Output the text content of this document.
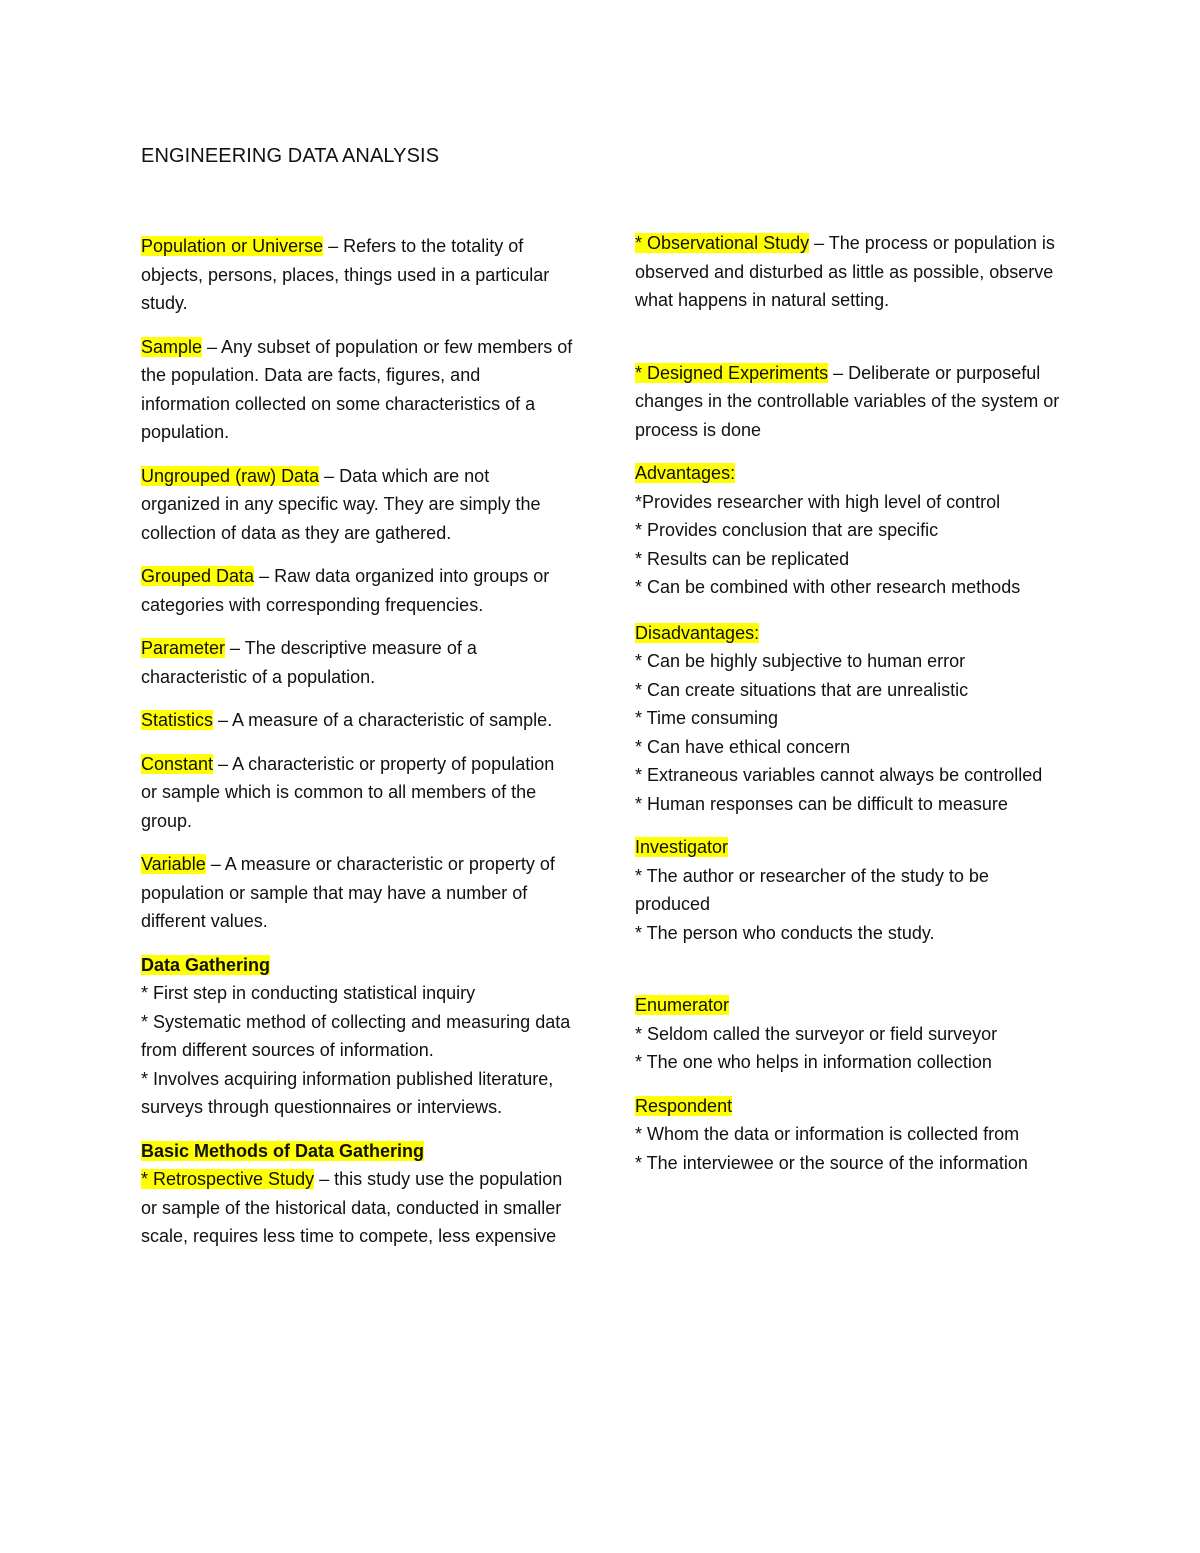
ENGINEERING DATA ANALYSIS
Population or Universe – Refers to the totality of objects, persons, places, things used in a particular study.
Sample – Any subset of population or few members of the population. Data are facts, figures, and information collected on some characteristics of a population.
Ungrouped (raw) Data – Data which are not organized in any specific way. They are simply the collection of data as they are gathered.
Grouped Data – Raw data organized into groups or categories with corresponding frequencies.
Parameter – The descriptive measure of a characteristic of a population.
Statistics – A measure of a characteristic of sample.
Constant – A characteristic or property of population or sample which is common to all members of the group.
Variable – A measure or characteristic or property of population or sample that may have a number of different values.

Data Gathering

* First step in conducting statistical inquiry

* Systematic method of collecting and measuring data from different sources of information.

* Involves acquiring information published literature, surveys through questionnaires or interviews.

Basic Methods of Data Gathering

* Retrospective Study – this study use the population or sample of the historical data, conducted in smaller scale, requires less time to compete, less expensive

* Observational Study – The process or population is observed and disturbed as little as possible, observe what happens in natural setting.
* Designed Experiments – Deliberate or purposeful changes in the controllable variables of the system or process is done

Advantages:

*Provides researcher with high level of control

* Provides conclusion that are specific

* Results can be replicated

* Can be combined with other research methods

Disadvantages:

* Can be highly subjective to human error

* Can create situations that are unrealistic

* Time consuming

* Can have ethical concern

* Extraneous variables cannot always be controlled

* Human responses can be difficult to measure

Investigator

* The author or researcher of the study to be produced

* The person who conducts the study.

Enumerator

* Seldom called the surveyor or field surveyor

* The one who helps in information collection

Respondent

* Whom the data or information is collected from

* The interviewee or the source of the information
